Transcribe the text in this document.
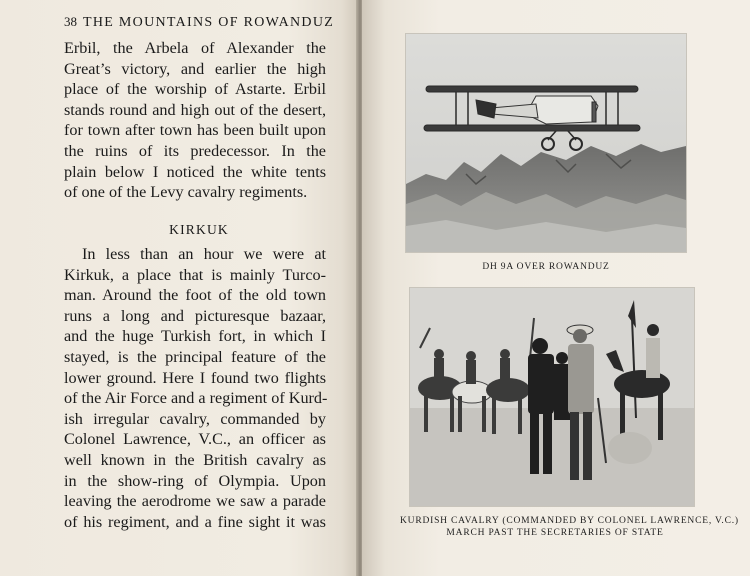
38 THE MOUNTAINS OF ROWANDUZ
Erbil, the Arbela of Alexander the
Great’s victory, and earlier the high
place of the worship of Astarte. Erbil
stands round and high out of the desert,
for town after town has been built upon
the ruins of its predecessor. In the
plain below I noticed the white tents
of one of the Levy cavalry regiments.
KIRKUK
In less than an hour we were at
Kirkuk, a place that is mainly Turco-
man. Around the foot of the old town
runs a long and picturesque bazaar,
and the huge Turkish fort, in which I
stayed, is the principal feature of the
lower ground. Here I found two flights
of the Air Force and a regiment of Kurd-
ish irregular cavalry, commanded by
Colonel Lawrence, V.C., an officer as
well known in the British cavalry as
in the show-ring of Olympia. Upon
leaving the aerodrome we saw a parade
of his regiment, and a fine sight it was
DH 9A OVER ROWANDUZ
KURDISH CAVALRY (COMMANDED BY COLONEL LAWRENCE, V.C.)
MARCH PAST THE SECRETARIES OF STATE
